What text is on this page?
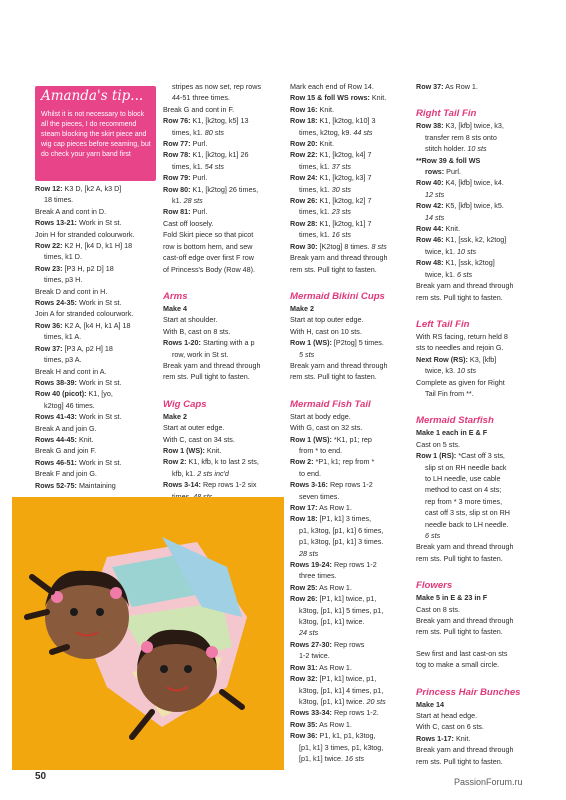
Amanda's tip...
Whilst it is not necessary to block all the pieces, I do recommend steam blocking the skirt piece and wig cap pieces before seaming, but do check your yarn band first

Row 12: K3 D, [k2 A, k3 D]

18 times.

Break A and cont in D.

Rows 13-21: Work in St st.

Join H for stranded colourwork.

Row 22: K2 H, [k4 D, k1 H] 18

times, k1 D.

Row 23: [P3 H, p2 D] 18

times, p3 H.

Break D and cont in H.

Rows 24-35: Work in St st.

Join A for stranded colourwork.

Row 36: K2 A, [k4 H, k1 A] 18

times, k1 A.

Row 37: [P3 A, p2 H] 18

times, p3 A.

Break H and cont in A.

Rows 38-39: Work in St st.

Row 40 (picot): K1, [yo,

k2tog] 46 times.

Rows 41-43: Work in St st.

Break A and join G.

Rows 44-45: Knit.

Break G and join F.

Rows 46-51: Work in St st.

Break F and join G.

Rows 52-75: Maintaining

stripes as now set, rep rows

44-51 three times.

Break G and cont in F.

Row 76: K1, [k2tog, k5] 13

times, k1. 80 sts

Row 77: Purl.

Row 78: K1, [k2tog, k1] 26

times, k1. 54 sts

Row 79: Purl.

Row 80: K1, [k2tog] 26 times,

k1. 28 sts

Row 81: Purl.

Cast off loosely.

Fold Skirt piece so that picot

row is bottom hem, and sew

cast-off edge over first F row

of Princess's Body (Row 48).

Arms

Make 4

Start at shoulder.

With B, cast on 8 sts.

Rows 1-20: Starting with a p

row, work in St st.

Break yarn and thread through

rem sts. Pull tight to fasten.

Wig Caps

Make 2

Start at outer edge.

With C, cast on 34 sts.

Row 1 (WS): Knit.

Row 2: K1, kfb, k to last 2 sts,

kfb, k1. 2 sts inc'd

Rows 3-14: Rep rows 1-2 six

Mark each end of Row 14.

Row 15 & foll WS rows: Knit.

Row 16: Knit.

Row 18: K1, [k2tog, k10] 3

times, k2tog, k9. 44 sts

Row 20: Knit.

Row 22: K1, [k2tog, k4] 7

times, k1. 37 sts

Row 24: K1, [k2tog, k3] 7

times, k1. 30 sts

Row 26: K1, [k2tog, k2] 7

times, k1. 23 sts

Row 28: K1, [k2tog, k1] 7

times, k1. 16 sts

Row 30: [K2tog] 8 times. 8 sts

Break yarn and thread through

rem sts. Pull tight to fasten.

Mermaid Bikini Cups

Make 2

Start at top outer edge.

With H, cast on 10 sts.

Row 1 (WS): [P2tog] 5 times.

5 sts

Break yarn and thread through

rem sts. Pull tight to fasten.

Mermaid Fish Tail

Start at body edge.

With G, cast on 32 sts.

Row 1 (WS): *K1, p1; rep

from * to end.

Row 2: *P1, k1; rep from *

to end.

Rows 3-16: Rep rows 1-2

seven times.

Row 17: As Row 1.

Row 18: [P1, k1] 3 times,

p1, k3tog, [p1, k1] 6 times,

p1, k3tog, [p1, k1] 3 times.

28 sts

Rows 19-24: Rep rows 1-2

three times.

Row 25: As Row 1.

Row 26: [P1, k1] twice, p1,

k3tog, [p1, k1] 5 times, p1,

k3tog, [p1, k1] twice.

24 sts

Rows 27-30: Rep rows

1-2 twice.

Row 31: As Row 1.

Row 32: [P1, k1] twice, p1,

k3tog, [p1, k1] 4 times, p1,

k3tog, [p1, k1] twice. 20 sts

Rows 33-34: Rep rows 1-2.

Row 35: As Row 1.

Row 36: P1, k1, p1, k3tog,

[p1, k1] 3 times, p1, k3tog,

[p1, k1] twice. 16 sts

Row 37: As Row 1.

Right Tail Fin

Row 38: K3, [kfb] twice, k3,

transfer rem 8 sts onto

stitch holder. 10 sts

**Row 39 & foll WS

rows: Purl.

Row 40: K4, [kfb] twice, k4.

12 sts

Row 42: K5, [kfb] twice, k5.

14 sts

Row 44: Knit.

Row 46: K1, [ssk, k2, k2tog]

twice, k1. 10 sts

Row 48: K1, [ssk, k2tog]

twice, k1. 6 sts

Break yarn and thread through

rem sts. Pull tight to fasten.

Left Tail Fin

With RS facing, return held 8

sts to needles and rejoin G.

Next Row (RS): K3, [kfb]

twice, k3. 10 sts

Complete as given for Right

Tail Fin from **.

Mermaid Starfish

Make 1 each in E & F

Cast on 5 sts.

Row 1 (RS): *Cast off 3 sts,

slip st on RH needle back

to LH needle, use cable

method to cast on 4 sts;

rep from * 3 more times,

cast off 3 sts, slip st on RH

needle back to LH needle.

6 sts

Break yarn and thread through

rem sts. Pull tight to fasten.

Flowers

Make 5 in E & 23 in F

Cast on 8 sts.

Break yarn and thread through

rem sts. Pull tight to fasten.

Sew first and last cast-on sts

tog to make a small circle.

Princess Hair Bunches

Make 14

Start at head edge.

With C, cast on 6 sts.

Rows 1-17: Knit.

Break yarn and thread through

rem sts. Pull tight to fasten.

50	PassionForum.ru
